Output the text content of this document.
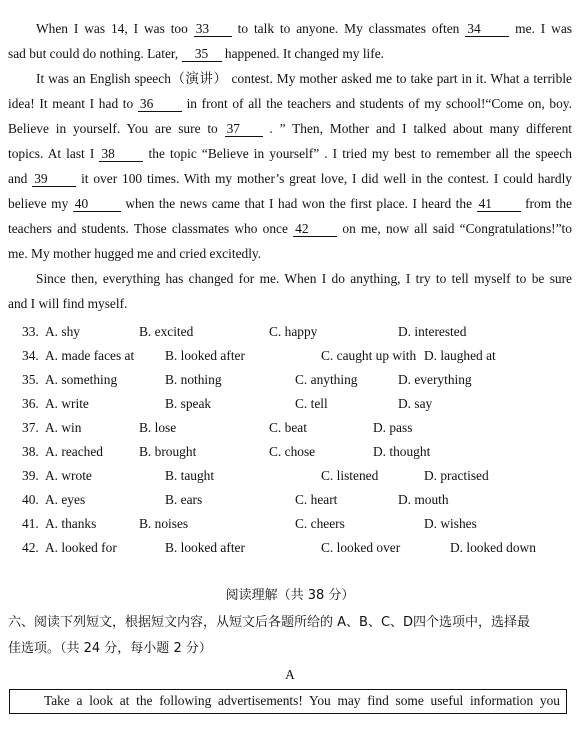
When I was 14, I was too 33 to talk to anyone. My classmates often 34	me. I was
sad but could do nothing. Later, 35 happened. It changed my life.
It was an English speech（演讲） contest. My mother asked me to take part in it. What a terrible
idea! It meant I had to 36 in front of all the teachers and students of my school!“Come on, boy.
Believe in yourself. You are sure to 37 . ” Then, Mother and I talked about many different
topics. At last I 38	the topic “Believe in yourself” . I tried my best to remember all the speech
and 39 it over 100 times. With my mother’s great love, I did well in the contest. I could hardly
believe my 40	when the news came that I had won the first place. I heard the 41 from the
teachers and students. Those classmates who once 42	on me, now all said “Congratulations!”to
me. My mother hugged me and cried excitedly.
Since then, everything has changed for me. When I do anything, I try to tell myself to be sure
and I will find myself.
33. A. shy	B. excited	C. happy	D. interested
34. A. made faces at B. looked after	C. caught up with D. laughed at
35. A. something	B. nothing	C. anything	D. everything
36. A. write	B. speak	C. tell	D. say
37. A. win	B. lose	C. beat	D. pass
38. A. reached	B. brought	C. chose	D. thought
39. A. wrote	B. taught	C. listened	D. practised
40. A. eyes	B. ears	C. heart	D. mouth
41. A. thanks	B. noises	C. cheers	D. wishes
42. A. looked for	B. looked after	C. looked over	D. looked down
阅读理解（共 38 分）
六、阅读下列短文，根据短文内容，从短文后各题所给的 A、B、C、D四个选项中，选择最
佳选项。（共 24 分，每小题 2 分）
A
Take a look at the following advertisements! You may find some useful information you
